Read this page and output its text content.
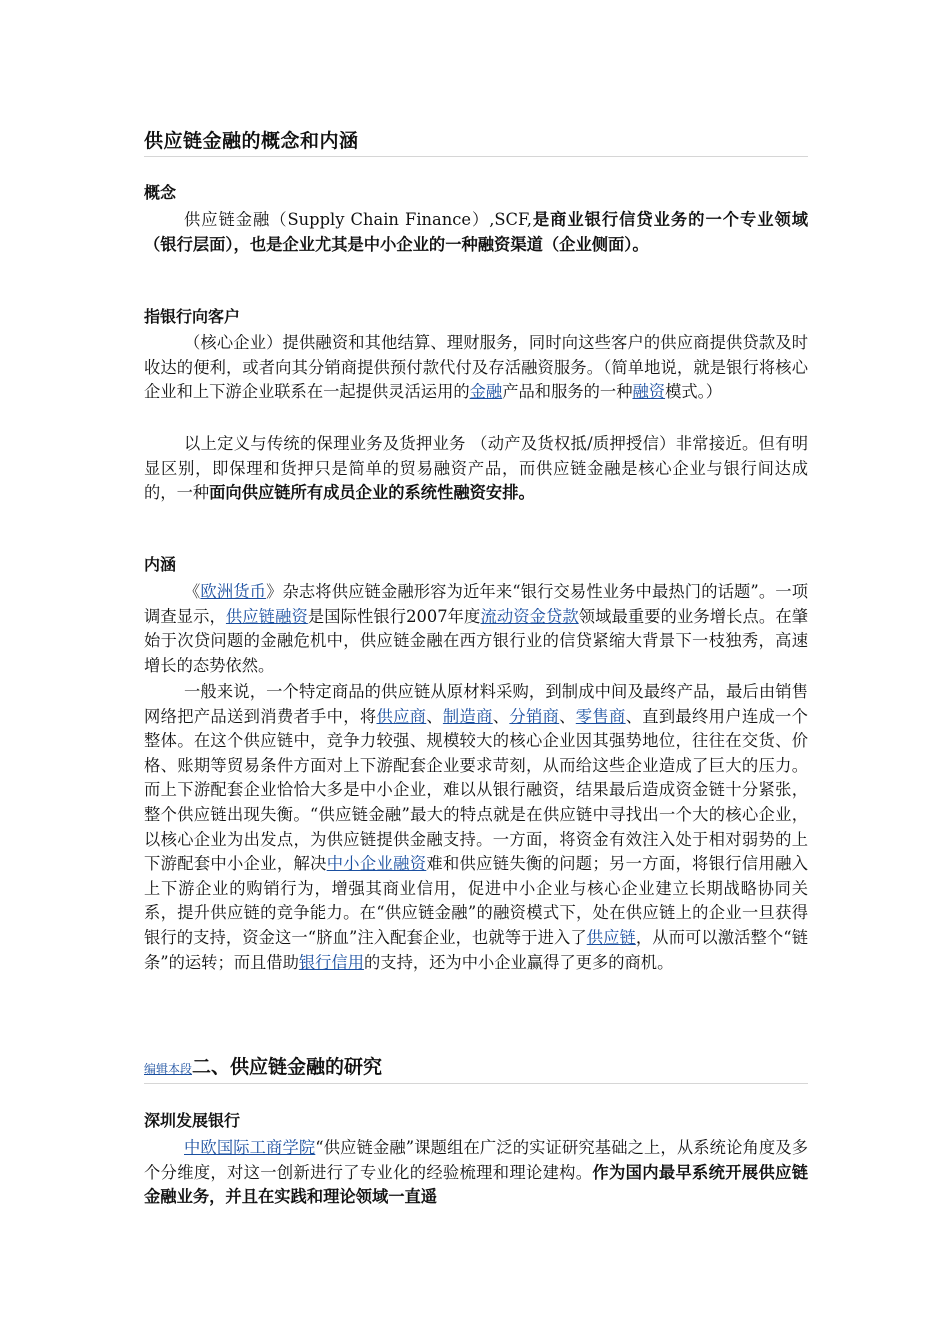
供应链金融的概念和内涵
概念

供应链金融（Supply Chain Finance）,SCF,是商业银行信贷业务的一个专业领域（银行层面），也是企业尤其是中小企业的一种融资渠道（企业侧面）。

指银行向客户

（核心企业）提供融资和其他结算、理财服务，同时向这些客户的供应商提供贷款及时收达的便利，或者向其分销商提供预付款代付及存活融资服务。（简单地说，就是银行将核心企业和上下游企业联系在一起提供灵活运用的金融产品和服务的一种融资模式。）

以上定义与传统的保理业务及货押业务 （动产及货权抵/质押授信）非常接近。但有明显区别，即保理和货押只是简单的贸易融资产品，而供应链金融是核心企业与银行间达成的，一种面向供应链所有成员企业的系统性融资安排。

内涵

《欧洲货币》杂志将供应链金融形容为近年来“银行交易性业务中最热门的话题”。一项调查显示，供应链融资是国际性银行2007年度流动资金贷款领域最重要的业务增长点。在肇始于次贷问题的金融危机中，供应链金融在西方银行业的信贷紧缩大背景下一枝独秀，高速增长的态势依然。

一般来说，一个特定商品的供应链从原材料采购，到制成中间及最终产品，最后由销售网络把产品送到消费者手中，将供应商、制造商、分销商、零售商、直到最终用户连成一个整体。在这个供应链中，竞争力较强、规模较大的核心企业因其强势地位，往往在交货、价格、账期等贸易条件方面对上下游配套企业要求苛刻，从而给这些企业造成了巨大的压力。而上下游配套企业恰恰大多是中小企业，难以从银行融资，结果最后造成资金链十分紧张，整个供应链出现失衡。“供应链金融”最大的特点就是在供应链中寻找出一个大的核心企业，以核心企业为出发点，为供应链提供金融支持。一方面，将资金有效注入处于相对弱势的上下游配套中小企业，解决中小企业融资难和供应链失衡的问题；另一方面，将银行信用融入上下游企业的购销行为，增强其商业信用，促进中小企业与核心企业建立长期战略协同关系，提升供应链的竞争能力。在“供应链金融”的融资模式下，处在供应链上的企业一旦获得银行的支持，资金这一“脐血”注入配套企业，也就等于进入了供应链，从而可以激活整个“链条”的运转；而且借助银行信用的支持，还为中小企业赢得了更多的商机。

编辑本段二、供应链金融的研究
深圳发展银行

中欧国际工商学院“供应链金融”课题组在广泛的实证研究基础之上，从系统论角度及多个分维度，对这一创新进行了专业化的经验梳理和理论建构。作为国内最早系统开展供应链金融业务，并且在实践和理论领域一直遥
